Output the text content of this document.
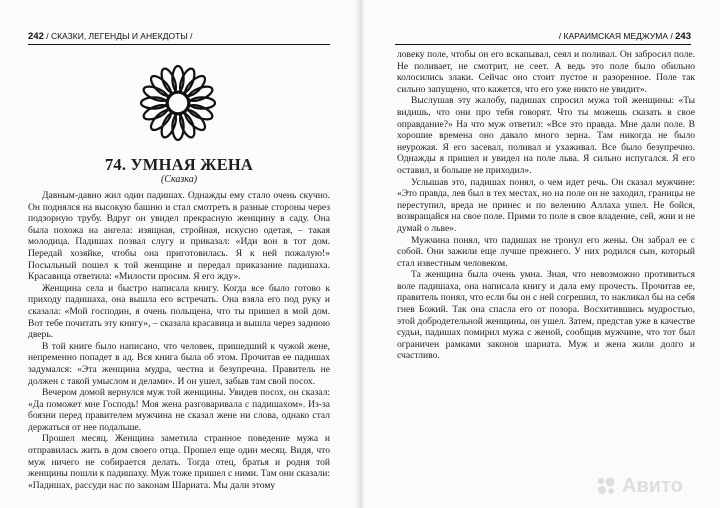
242 / СКАЗКИ, ЛЕГЕНДЫ И АНЕКДОТЫ /	/ КАРАИМСКАЯ МЕДЖУМА / 243
74. УМНАЯ ЖЕНА
(Сказка)

Давным-давно жил один падишах. Однажды ему стало очень скучно. Он поднялся на высокую башню и стал смотреть в разные стороны через подзорную трубу. Вдруг он увидел прекрасную женщину в саду. Она была похожа на ангела: изящная, стройная, искусно одетая, – такая молодица. Падишах позвал слугу и приказал: «Иди вон в тот дом. Передай хозяйке, чтобы она приготовилась. Я к ней пожалую!» Посыльный пошел к той женщине и передал приказание падишаха. Красавица ответила: «Милости просим. Я его жду».

Женщина села и быстро написала книгу. Когда все было готово к приходу падишаха, она вышла его встречать. Она взяла его под руку и сказала: «Мой господин, я очень польщена, что ты пришел в мой дом. Вот тебе почитать эту книгу», – сказала красавица и вышла через заднюю дверь.

В той книге было написано, что человек, пришедший к чужой жене, непременно попадет в ад. Вся книга была об этом. Прочитав ее падишах задумался: «Эта женщина мудра, честна и безупречна. Правитель не должен с такой умыслом и делами». И он ушел, забыв там свой посох.

Вечером домой вернулся муж той женщины. Увидев посох, он сказал: «Да поможет мне Господь! Моя жена разговаривала с падишахом». Из-за боязни перед правителем мужчина не сказал жене ни слова, однако стал держаться от нее подальше.

Прошел месяц. Женщина заметила странное поведение мужа и отправилась жить в дом своего отца. Прошел еще один месяц. Видя, что муж ничего не собирается делать. Тогда отец, братья и родня той женщины пошли к падишаху. Муж тоже пришел с ними. Там они сказали: «Падишах, рассуди нас по законам Шариата. Мы дали этому

ловеку поле, чтобы он его вскапывал, сеял и поливал. Он забросил поле. Не поливает, не смотрит, не сеет. А ведь это поле было обильно колосились злаки. Сейчас оно стоит пустое и разоренное. Поле так сильно запущено, что кажется, что его уже никто не увидит».

Выслушав эту жалобу, падишах спросил мужа той женщины: «Ты видишь, что они про тебя говорят. Что ты можешь сказать в свое оправдание?» На что муж ответил: «Все это правда. Мне дали поле. В хорошие времена оно давало много зерна. Там никогда не было неурожая. Я его засевал, поливал и ухаживал. Все было безупречно. Однажды я пришел и увидел на поле льва. Я сильно испугался. Я его оставил, и больше не приходил».

Услышав это, падишах понял, о чем идет речь. Он сказал мужчине: «Это правда, лев был в тех местах, но на поле он не заходил, границы не переступил, вреда не принес и по велению Аллаха ушел. Не бойся, возвращайся на свое поле. Прими то поле в свое владение, сей, жни и не думай о льве».

Мужчина понял, что падишах не тронул его жены. Он забрал ее с собой. Они зажили еще лучше прежнего. У них родился сын, который стал известным человеком.

Та женщина была очень умна. Зная, что невозможно противиться воле падишаха, она написала книгу и дала ему прочесть. Прочитав ее, правитель понял, что если бы он с ней согрешил, то накликал бы на себя гнев Божий. Так она спасла его от позора. Восхитившись мудростью, этой добродетельной женщины, он ушел. Затем, представ уже в качестве судьи, падишах помирил мужа с женой, сообщив мужчине, что тот был ограничен рамками законов шариата. Муж и жена жили долго и счастливо.

Авито
